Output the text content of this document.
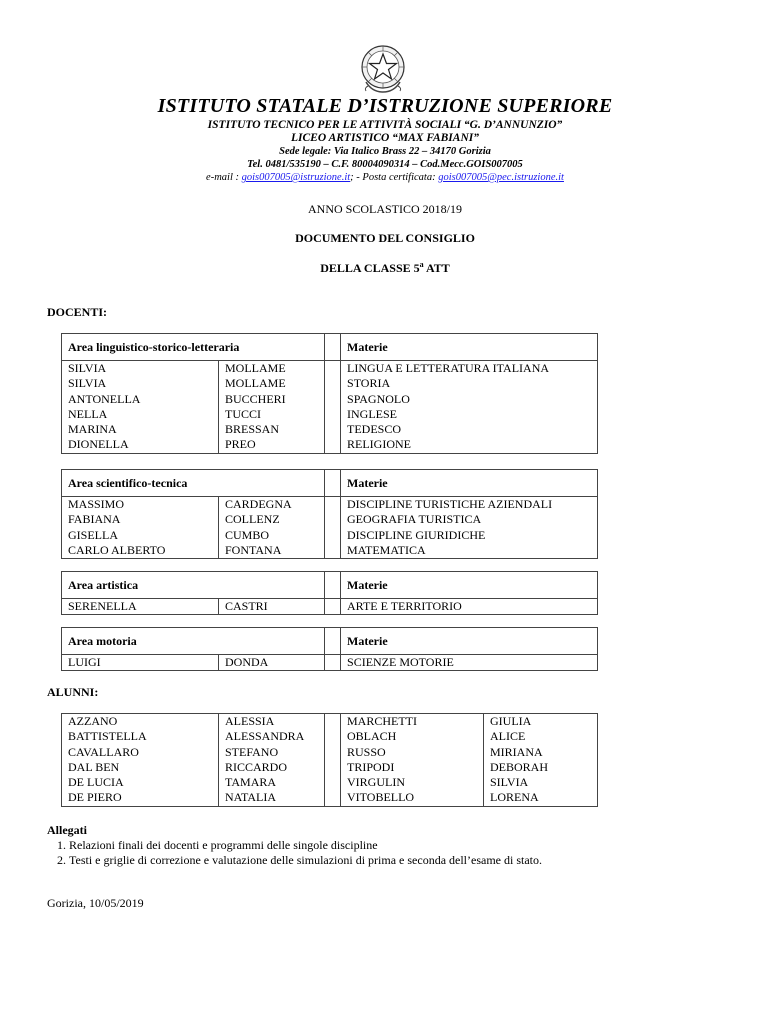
ISTITUTO STATALE D’ISTRUZIONE SUPERIORE
ISTITUTO TECNICO PER LE ATTIVITÀ SOCIALI “G. D’ANNUNZIO”
LICEO ARTISTICO “MAX FABIANI”
Sede legale: Via Italico Brass 22 – 34170 Gorizia
Tel. 0481/535190 – C.F. 80004090314 – Cod.Mecc.GOIS007005
e-mail : gois007005@istruzione.it; - Posta certificata: gois007005@pec.istruzione.it
ANNO SCOLASTICO 2018/19
DOCUMENTO DEL CONSIGLIO
DELLA CLASSE 5$^a$ ATT
DOCENTI:
Area linguistico-storico-letteraria			Materie
SILVIA	MOLLAME		LINGUA E LETTERATURA ITALIANA
SILVIA	MOLLAME		STORIA
ANTONELLA	BUCCHERI		SPAGNOLO
NELLA	TUCCI		INGLESE
MARINA	BRESSAN		TEDESCO
DIONELLA	PREO		RELIGIONE
Area scientifico-tecnica			Materie
MASSIMO	CARDEGNA		DISCIPLINE TURISTICHE AZIENDALI
FABIANA	COLLENZ		GEOGRAFIA TURISTICA
GISELLA	CUMBO		DISCIPLINE GIURIDICHE
CARLO ALBERTO	FONTANA		MATEMATICA
Area artistica			Materie
SERENELLA	CASTRI		ARTE E TERRITORIO
Area motoria			Materie
LUIGI	DONDA		SCIENZE MOTORIE
ALUNNI:
AZZANO	ALESSIA		MARCHETTI	GIULIA
BATTISTELLA	ALESSANDRA		OBLACH	ALICE
CAVALLARO	STEFANO		RUSSO	MIRIANA
DAL BEN	RICCARDO		TRIPODI	DEBORAH
DE LUCIA	TAMARA		VIRGULIN	SILVIA
DE PIERO	NATALIA		VITOBELLO	LORENA
Allegati
1. Relazioni finali dei docenti e programmi delle singole discipline
2. Testi e griglie di correzione e valutazione delle simulazioni di prima e seconda dell’esame di stato.
Gorizia, 10/05/2019
